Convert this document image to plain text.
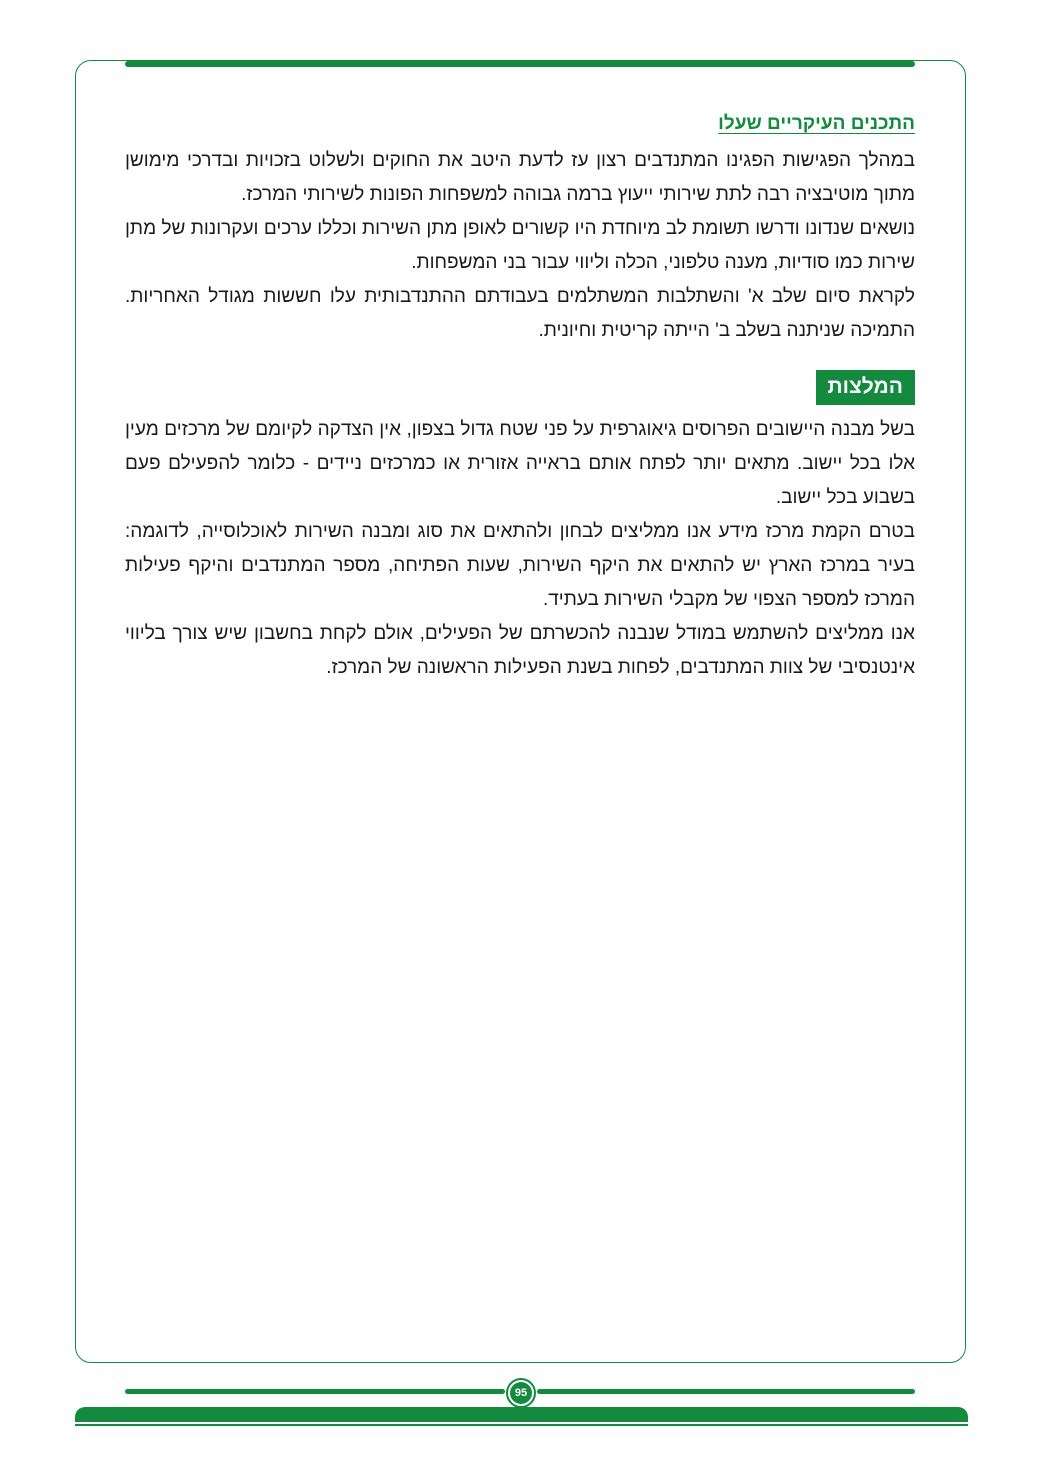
התכנים העיקריים שעלו

במהלך הפגישות הפגינו המתנדבים רצון עז לדעת היטב את החוקים ולשלוט בזכויות ובדרכי מימושן מתוך מוטיבציה רבה לתת שירותי ייעוץ ברמה גבוהה למשפחות הפונות לשירותי המרכז.

נושאים שנדונו ודרשו תשומת לב מיוחדת היו קשורים לאופן מתן השירות וכללו ערכים ועקרונות של מתן שירות כמו סודיות, מענה טלפוני, הכלה וליווי עבור בני המשפחות.

לקראת סיום שלב א' והשתלבות המשתלמים בעבודתם ההתנדבותית עלו חששות מגודל האחריות. התמיכה שניתנה בשלב ב' הייתה קריטית וחיונית.

המלצות

בשל מבנה היישובים הפרוסים גיאוגרפית על פני שטח גדול בצפון, אין הצדקה לקיומם של מרכזים מעין אלו בכל יישוב. מתאים יותר לפתח אותם בראייה אזורית או כמרכזים ניידים - כלומר להפעילם פעם בשבוע בכל יישוב.

בטרם הקמת מרכז מידע אנו ממליצים לבחון ולהתאים את סוג ומבנה השירות לאוכלוסייה, לדוגמה: בעיר במרכז הארץ יש להתאים את היקף השירות, שעות הפתיחה, מספר המתנדבים והיקף פעילות המרכז למספר הצפוי של מקבלי השירות בעתיד.

אנו ממליצים להשתמש במודל שנבנה להכשרתם של הפעילים, אולם לקחת בחשבון שיש צורך בליווי אינטנסיבי של צוות המתנדבים, לפחות בשנת הפעילות הראשונה של המרכז.

95
